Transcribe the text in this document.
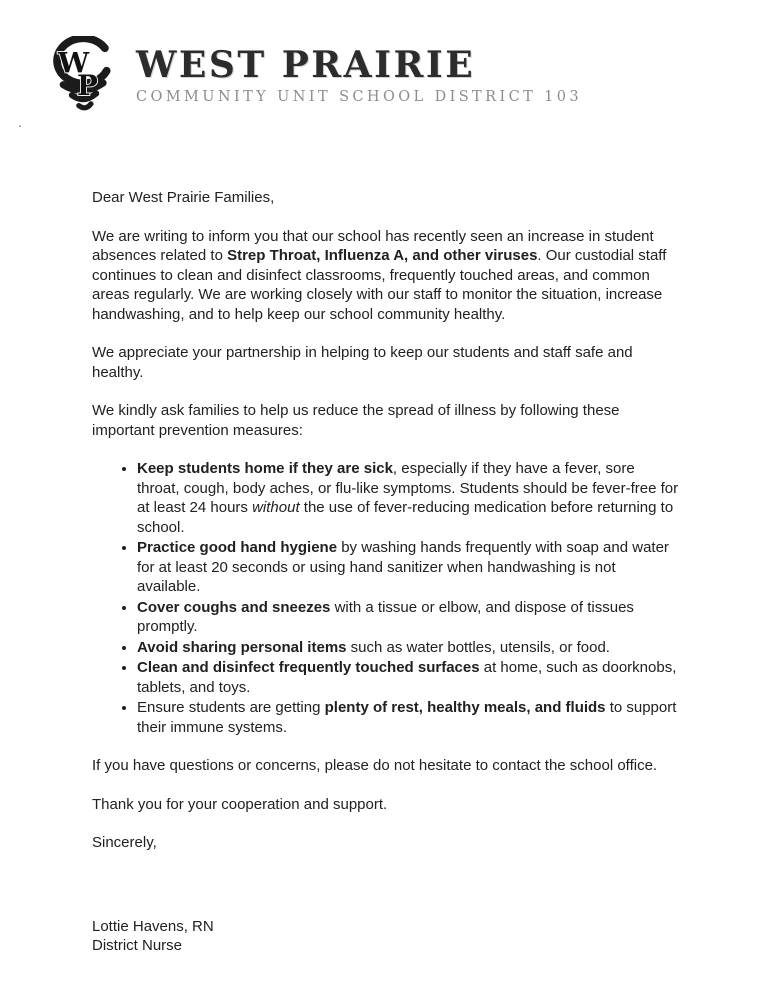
W
P WEST PRAIRIE
COMMUNITY UNIT SCHOOL DISTRICT 103
.

Dear West Prairie Families,

We are writing to inform you that our school has recently seen an increase in student absences related to Strep Throat, Influenza A, and other viruses. Our custodial staff continues to clean and disinfect classrooms, frequently touched areas, and common areas regularly. We are working closely with our staff to monitor the situation, increase handwashing, and to help keep our school community healthy.

We appreciate your partnership in helping to keep our students and staff safe and healthy.

We kindly ask families to help us reduce the spread of illness by following these important prevention measures:

• Keep students home if they are sick, especially if they have a fever, sore throat, cough, body aches, or flu-like symptoms. Students should be fever-free for at least 24 hours without the use of fever-reducing medication before returning to school.
• Practice good hand hygiene by washing hands frequently with soap and water for at least 20 seconds or using hand sanitizer when handwashing is not available.
• Cover coughs and sneezes with a tissue or elbow, and dispose of tissues promptly.
• Avoid sharing personal items such as water bottles, utensils, or food.
• Clean and disinfect frequently touched surfaces at home, such as doorknobs, tablets, and toys.
• Ensure students are getting plenty of rest, healthy meals, and fluids to support their immune systems.

If you have questions or concerns, please do not hesitate to contact the school office.

Thank you for your cooperation and support.

Sincerely,

Lottie Havens, RN

District Nurse
